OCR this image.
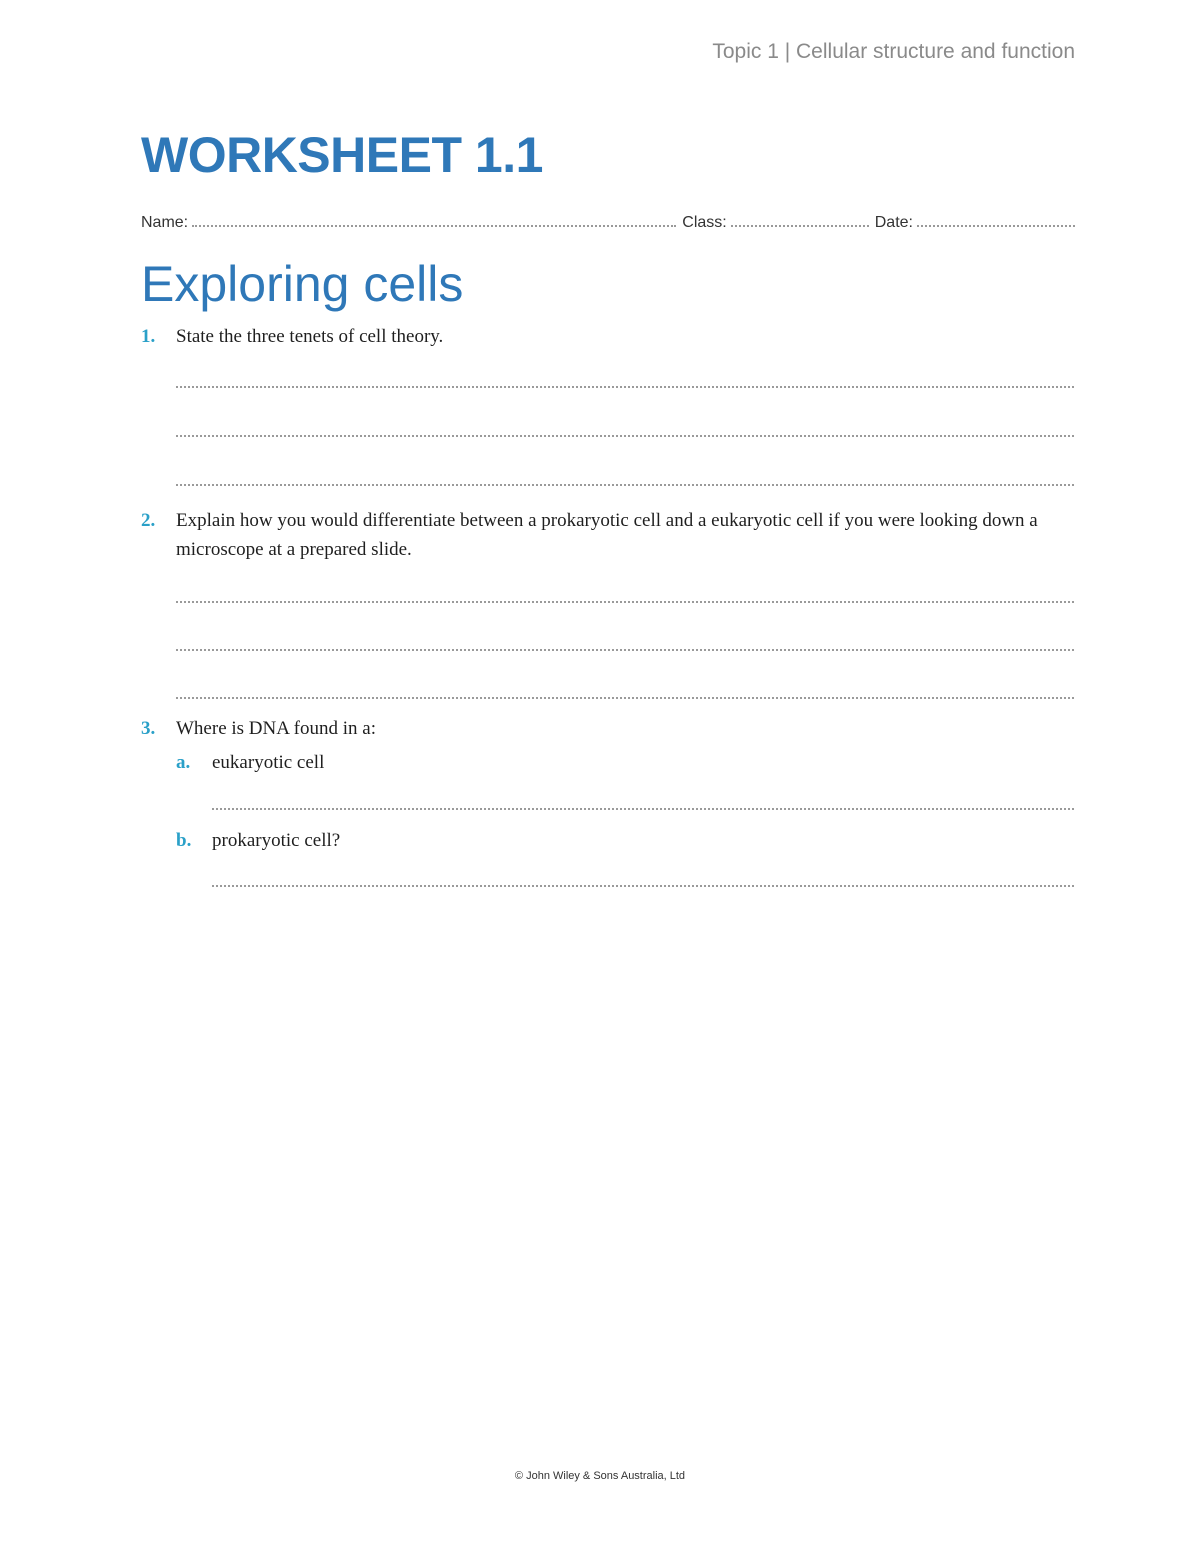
Topic 1 | Cellular structure and function
WORKSHEET 1.1
Name:	Class:	Date:
Exploring cells
1. State the three tenets of cell theory.
2. Explain how you would differentiate between a prokaryotic cell and a eukaryotic cell if you were looking down a microscope at a prepared slide.
3. Where is DNA found in a:
a. eukaryotic cell
b. prokaryotic cell?
© John Wiley & Sons Australia, Ltd
